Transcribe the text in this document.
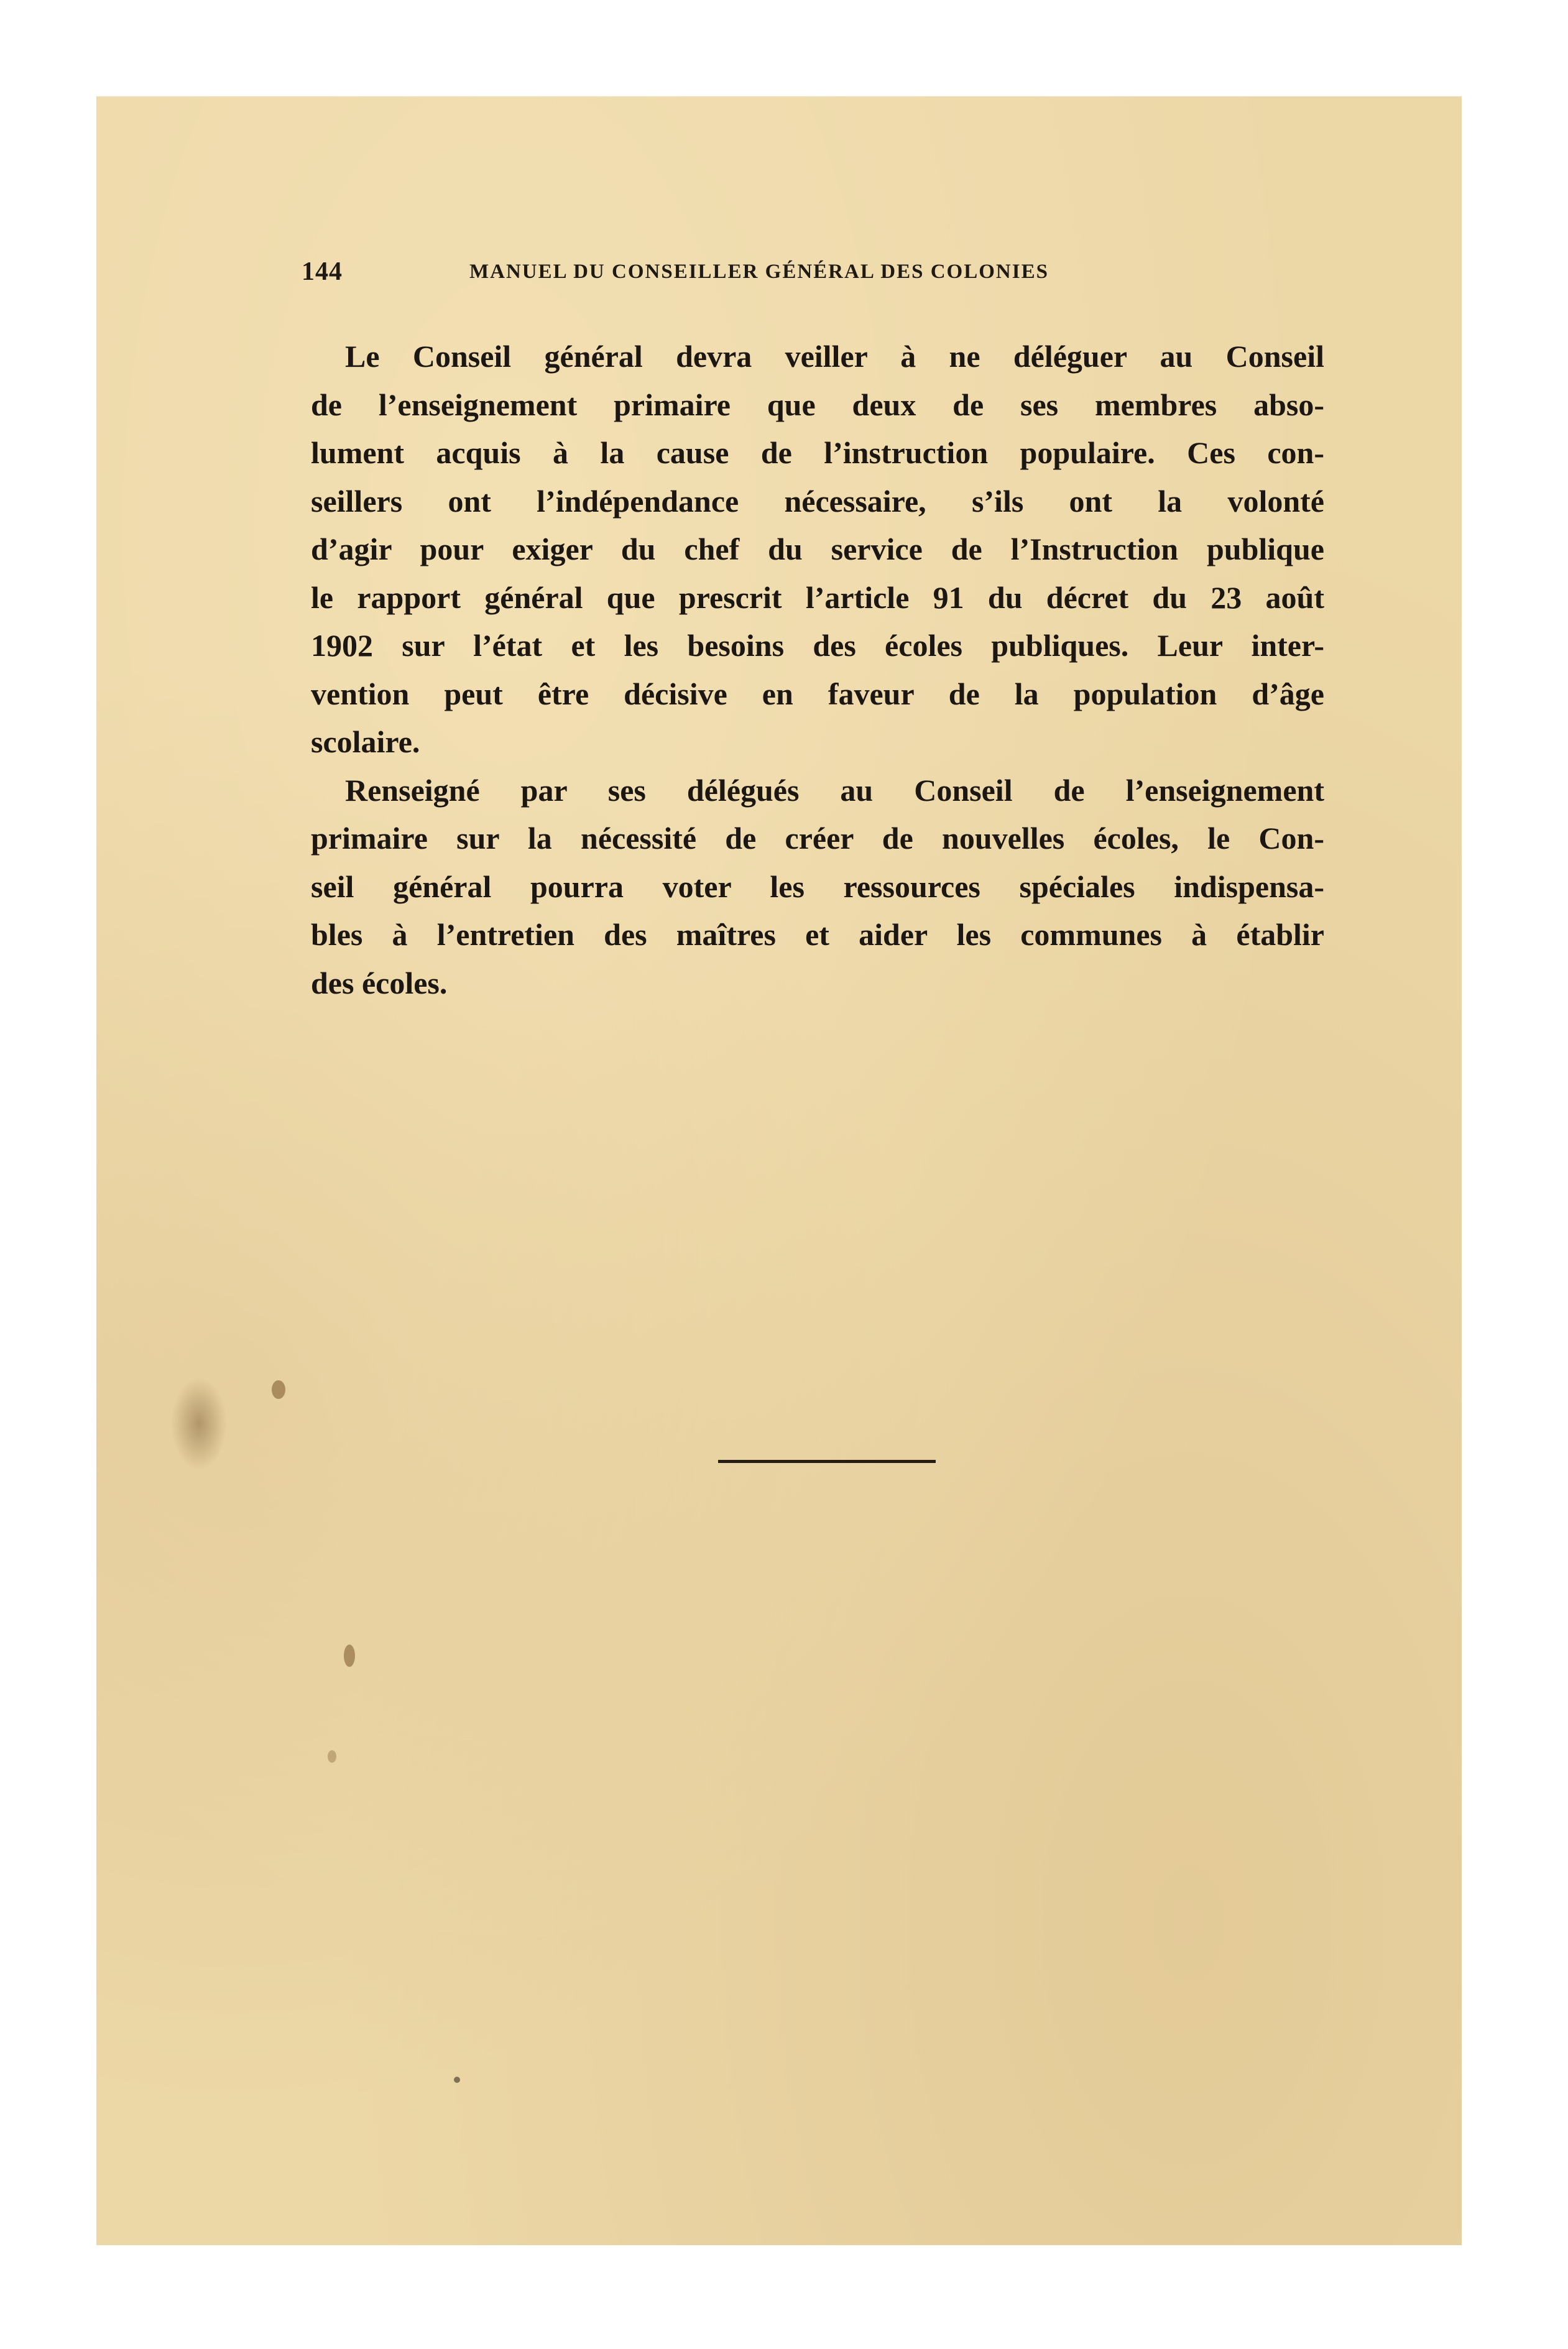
144	MANUEL DU CONSEILLER GÉNÉRAL DES COLONIES
Le Conseil général devra veiller à ne déléguer au Conseil
de l’enseignement primaire que deux de ses membres abso-
lument acquis à la cause de l’instruction populaire. Ces con-
seillers ont l’indépendance nécessaire, s’ils ont la volonté
d’agir pour exiger du chef du service de l’Instruction publique
le rapport général que prescrit l’article 91 du décret du 23 août
1902 sur l’état et les besoins des écoles publiques. Leur inter-
vention peut être décisive en faveur de la population d’âge
scolaire.
Renseigné par ses délégués au Conseil de l’enseignement
primaire sur la nécessité de créer de nouvelles écoles, le Con-
seil général pourra voter les ressources spéciales indispensa-
bles à l’entretien des maîtres et aider les communes à établir
des écoles.
